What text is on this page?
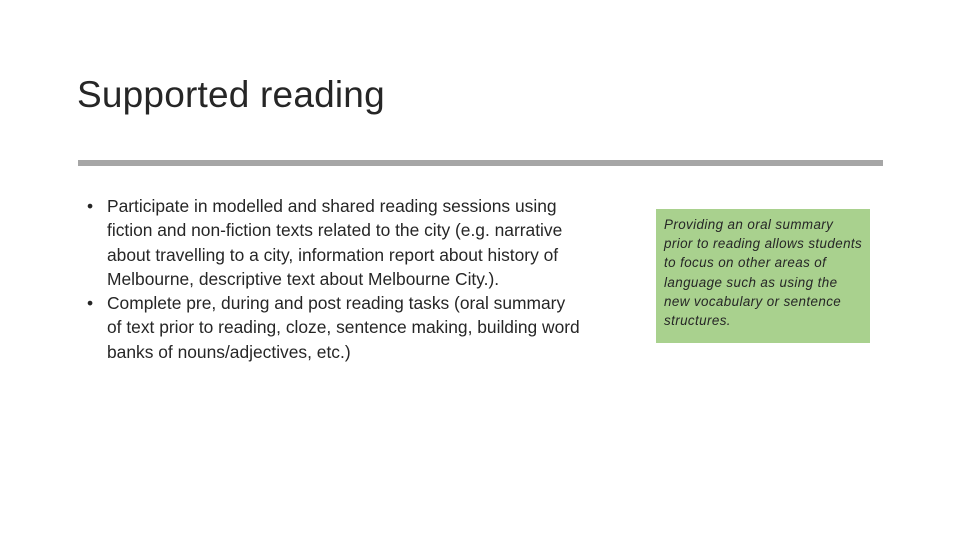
Supported reading
• Participate in modelled and shared reading sessions using fiction and non-fiction texts related to the city (e.g. narrative about travelling to a city, information report about history of Melbourne, descriptive text about Melbourne City.).
• Complete pre, during and post reading tasks (oral summary of text prior to reading, cloze, sentence making, building word banks of nouns/adjectives, etc.)
Providing an oral summary prior to reading allows students to focus on other areas of language such as using the new vocabulary or sentence structures.
